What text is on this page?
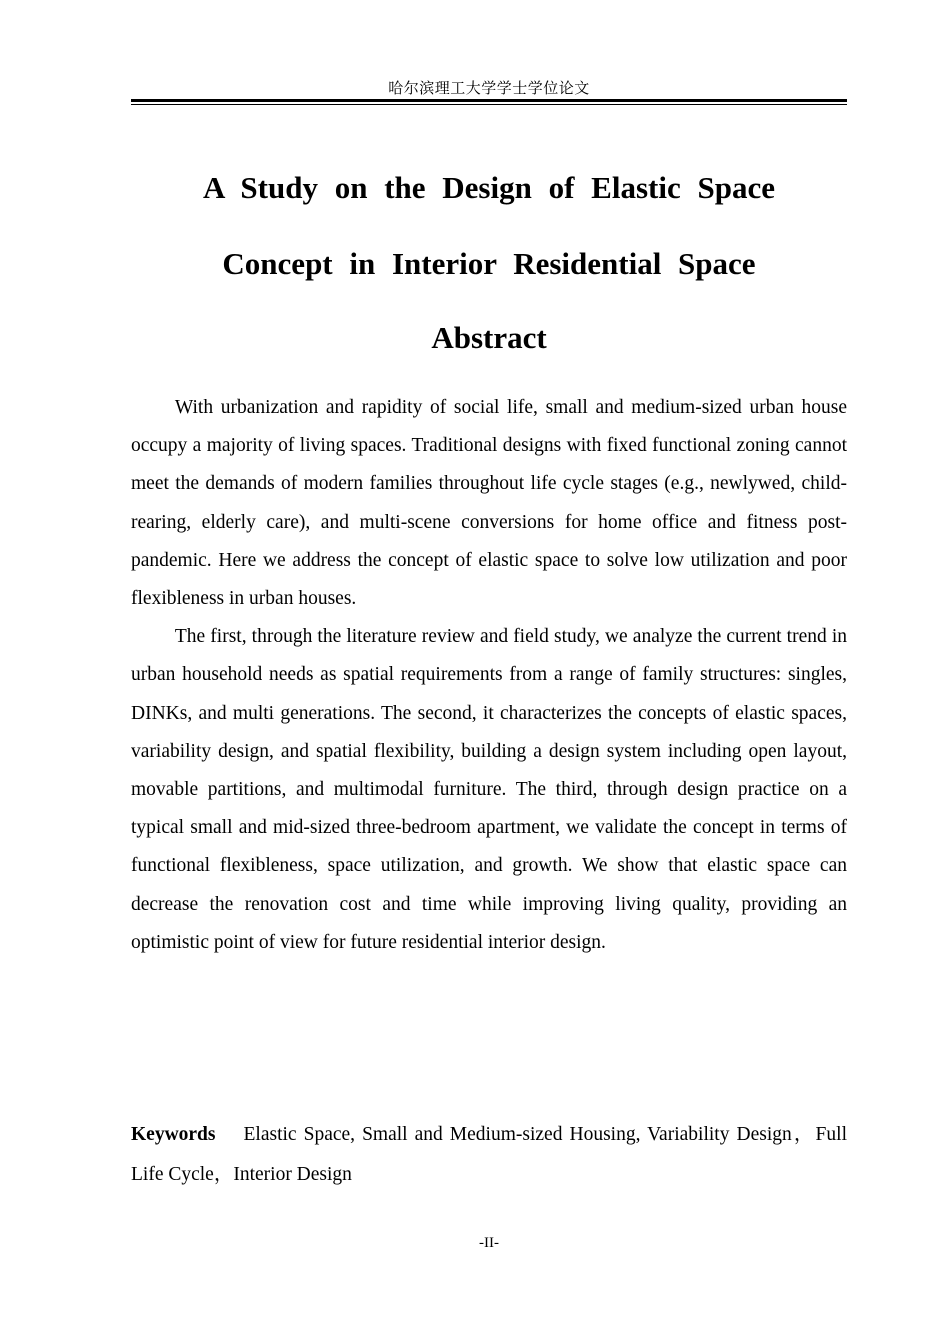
哈尔滨理工大学学士学位论文
A Study on the Design of Elastic Space
Concept in Interior Residential Space
Abstract

With urbanization and rapidity of social life, small and medium-sized urban house occupy a majority of living spaces. Traditional designs with fixed functional zoning cannot meet the demands of modern families throughout life cycle stages (e.g., newlywed, child-rearing, elderly care), and multi-scene conversions for home office and fitness post-pandemic. Here we address the concept of elastic space to solve low utilization and poor flexibleness in urban houses.

The first, through the literature review and field study, we analyze the current trend in urban household needs as spatial requirements from a range of family structures: singles, DINKs, and multi generations. The second, it characterizes the concepts of elastic spaces, variability design, and spatial flexibility, building a design system including open layout, movable partitions, and multimodal furniture. The third, through design practice on a typical small and mid-sized three-bedroom apartment, we validate the concept in terms of functional flexibleness, space utilization, and growth. We show that elastic space can decrease the renovation cost and time while improving living quality, providing an optimistic point of view for future residential interior design.

Keywords Elastic Space, Small and Medium-sized Housing, Variability Design，Full Life Cycle，Interior Design

-II-
